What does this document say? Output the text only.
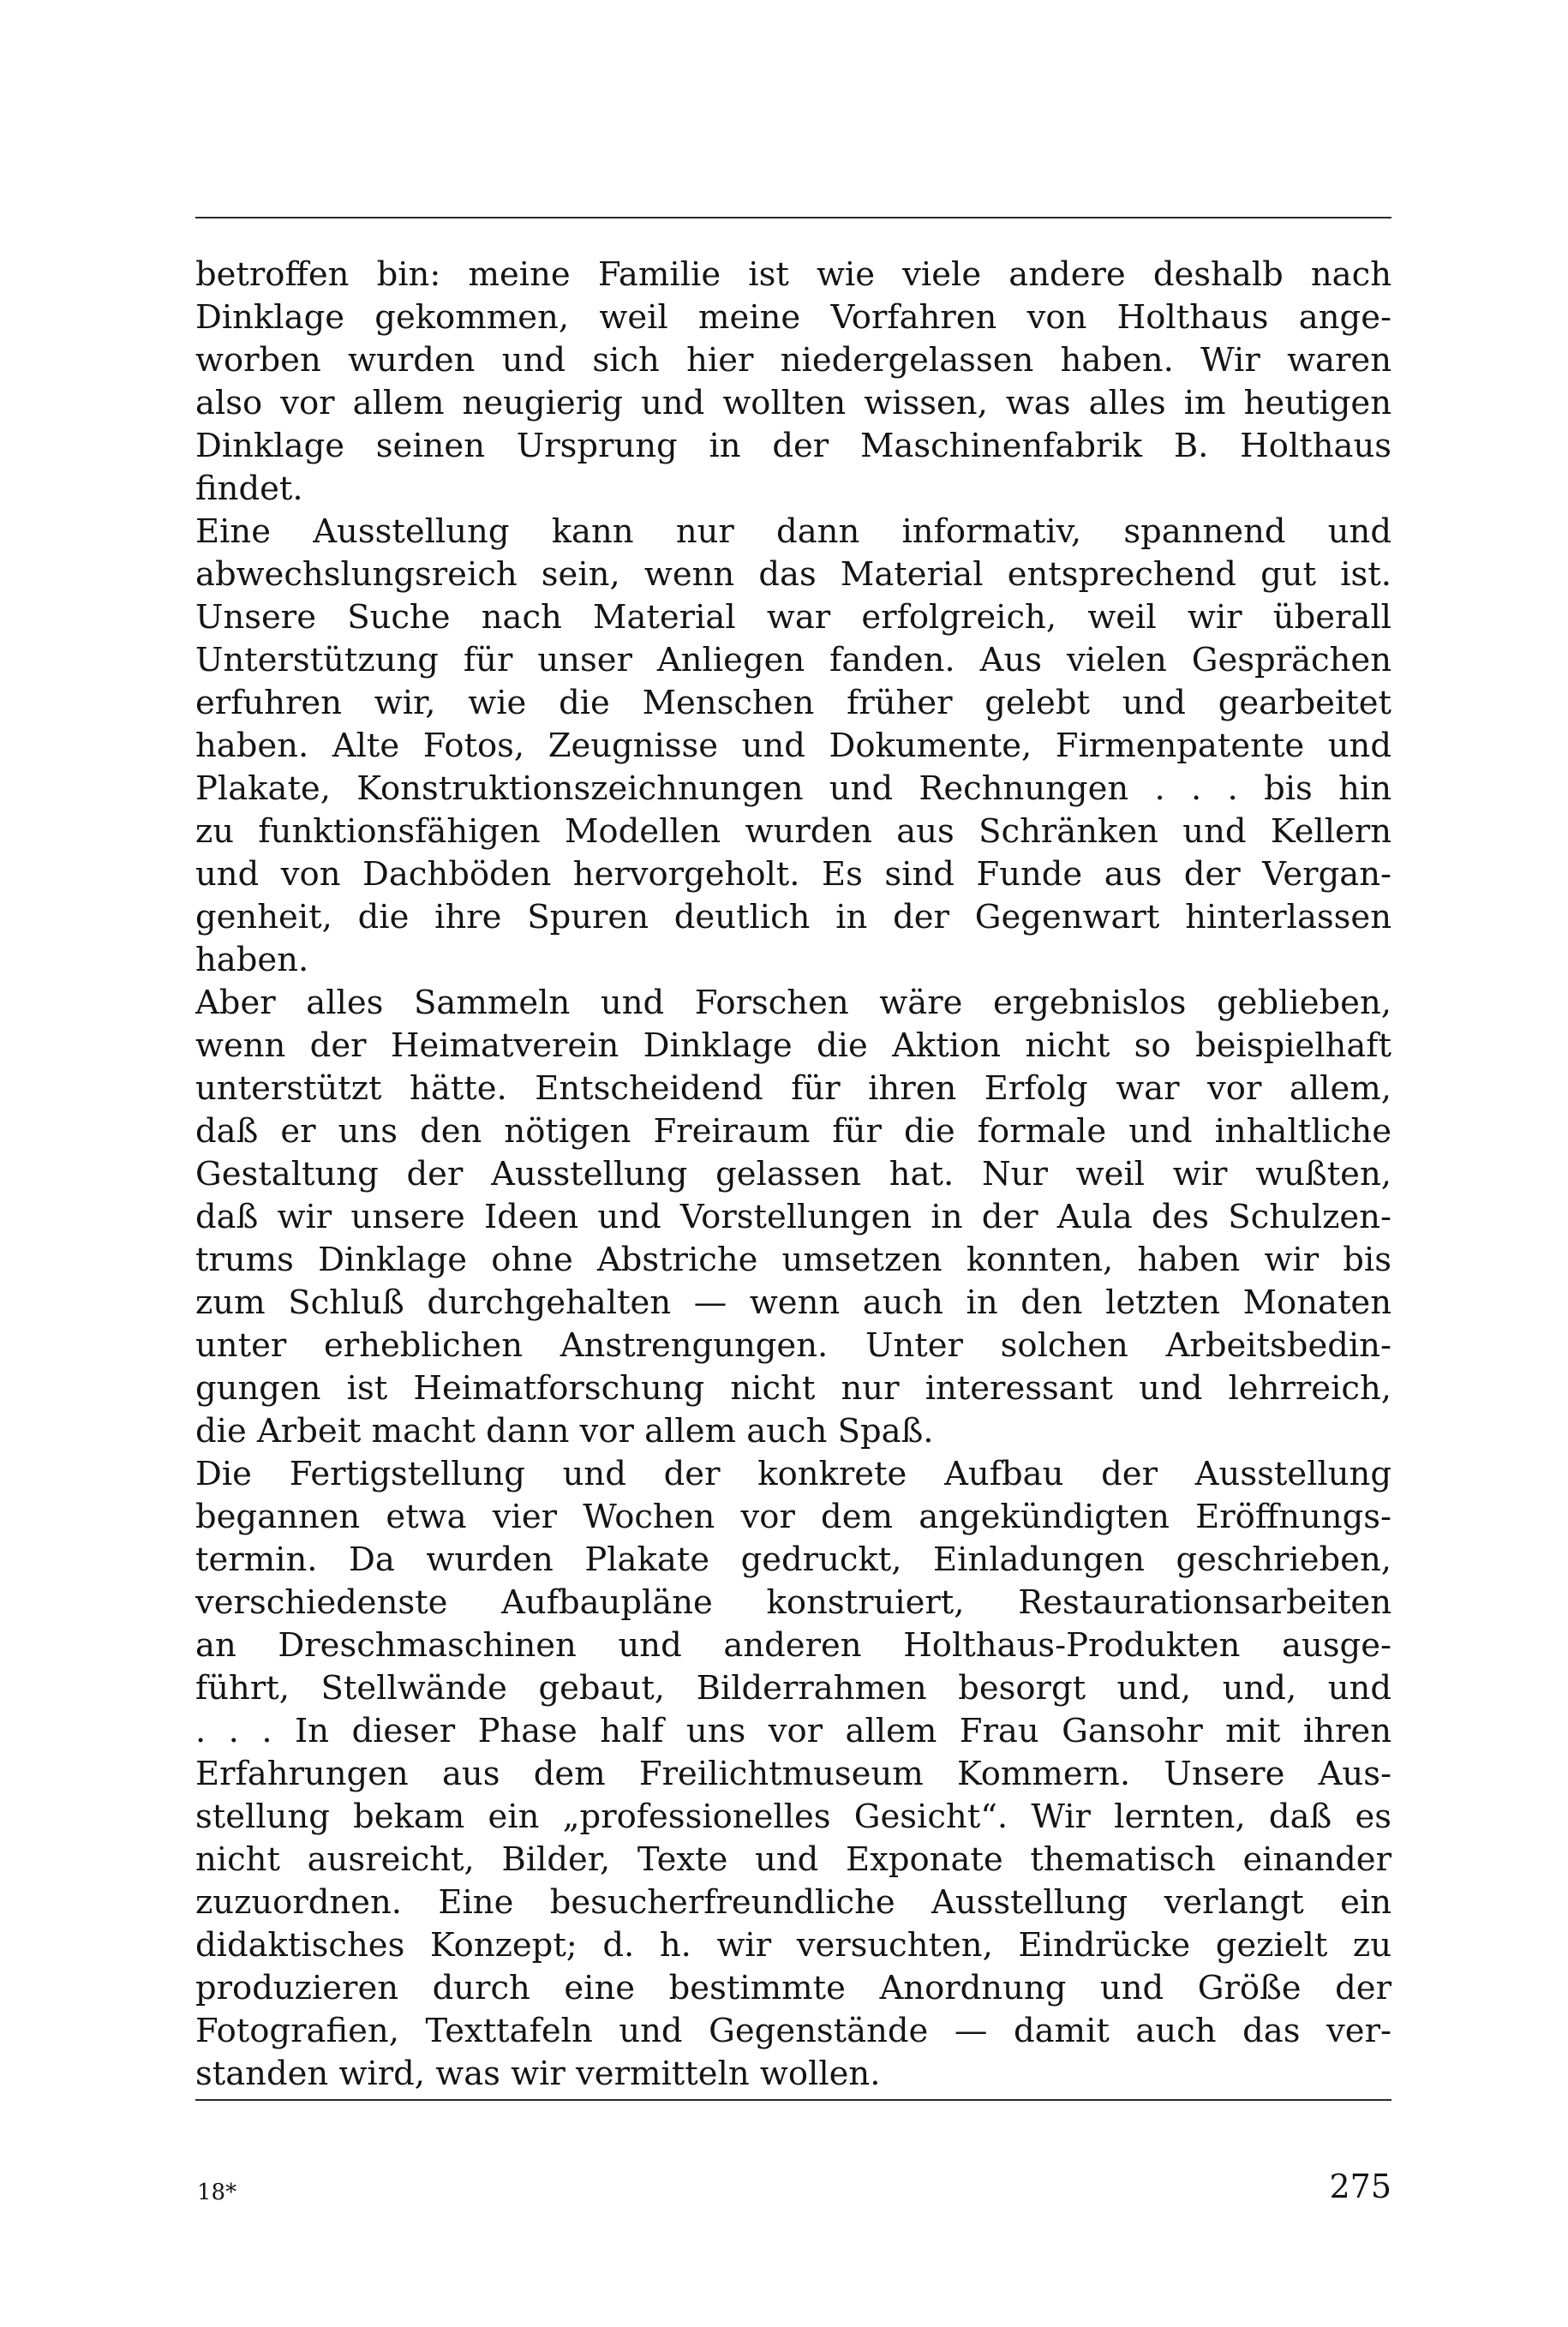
betroffen bin: meine Familie ist wie viele andere deshalb nach
Dinklage gekommen, weil meine Vorfahren von Holthaus ange-
worben wurden und sich hier niedergelassen haben. Wir waren
also vor allem neugierig und wollten wissen, was alles im heutigen
Dinklage seinen Ursprung in der Maschinenfabrik B. Holthaus
findet.
Eine Ausstellung kann nur dann informativ, spannend und
abwechslungsreich sein, wenn das Material entsprechend gut ist.
Unsere Suche nach Material war erfolgreich, weil wir überall
Unterstützung für unser Anliegen fanden. Aus vielen Gesprächen
erfuhren wir, wie die Menschen früher gelebt und gearbeitet
haben. Alte Fotos, Zeugnisse und Dokumente, Firmenpatente und
Plakate, Konstruktionszeichnungen und Rechnungen . . . bis hin
zu funktionsfähigen Modellen wurden aus Schränken und Kellern
und von Dachböden hervorgeholt. Es sind Funde aus der Vergan-
genheit, die ihre Spuren deutlich in der Gegenwart hinterlassen
haben.
Aber alles Sammeln und Forschen wäre ergebnislos geblieben,
wenn der Heimatverein Dinklage die Aktion nicht so beispielhaft
unterstützt hätte. Entscheidend für ihren Erfolg war vor allem,
daß er uns den nötigen Freiraum für die formale und inhaltliche
Gestaltung der Ausstellung gelassen hat. Nur weil wir wußten,
daß wir unsere Ideen und Vorstellungen in der Aula des Schulzen-
trums Dinklage ohne Abstriche umsetzen konnten, haben wir bis
zum Schluß durchgehalten — wenn auch in den letzten Monaten
unter erheblichen Anstrengungen. Unter solchen Arbeitsbedin-
gungen ist Heimatforschung nicht nur interessant und lehrreich,
die Arbeit macht dann vor allem auch Spaß.
Die Fertigstellung und der konkrete Aufbau der Ausstellung
begannen etwa vier Wochen vor dem angekündigten Eröffnungs-
termin. Da wurden Plakate gedruckt, Einladungen geschrieben,
verschiedenste Aufbaupläne konstruiert, Restaurationsarbeiten
an Dreschmaschinen und anderen Holthaus-Produkten ausge-
führt, Stellwände gebaut, Bilderrahmen besorgt und, und, und
. . . In dieser Phase half uns vor allem Frau Gansohr mit ihren
Erfahrungen aus dem Freilichtmuseum Kommern. Unsere Aus-
stellung bekam ein „professionelles Gesicht“. Wir lernten, daß es
nicht ausreicht, Bilder, Texte und Exponate thematisch einander
zuzuordnen. Eine besucherfreundliche Ausstellung verlangt ein
didaktisches Konzept; d. h. wir versuchten, Eindrücke gezielt zu
produzieren durch eine bestimmte Anordnung und Größe der
Fotografien, Texttafeln und Gegenstände — damit auch das ver-
standen wird, was wir vermitteln wollen.
18*	275
